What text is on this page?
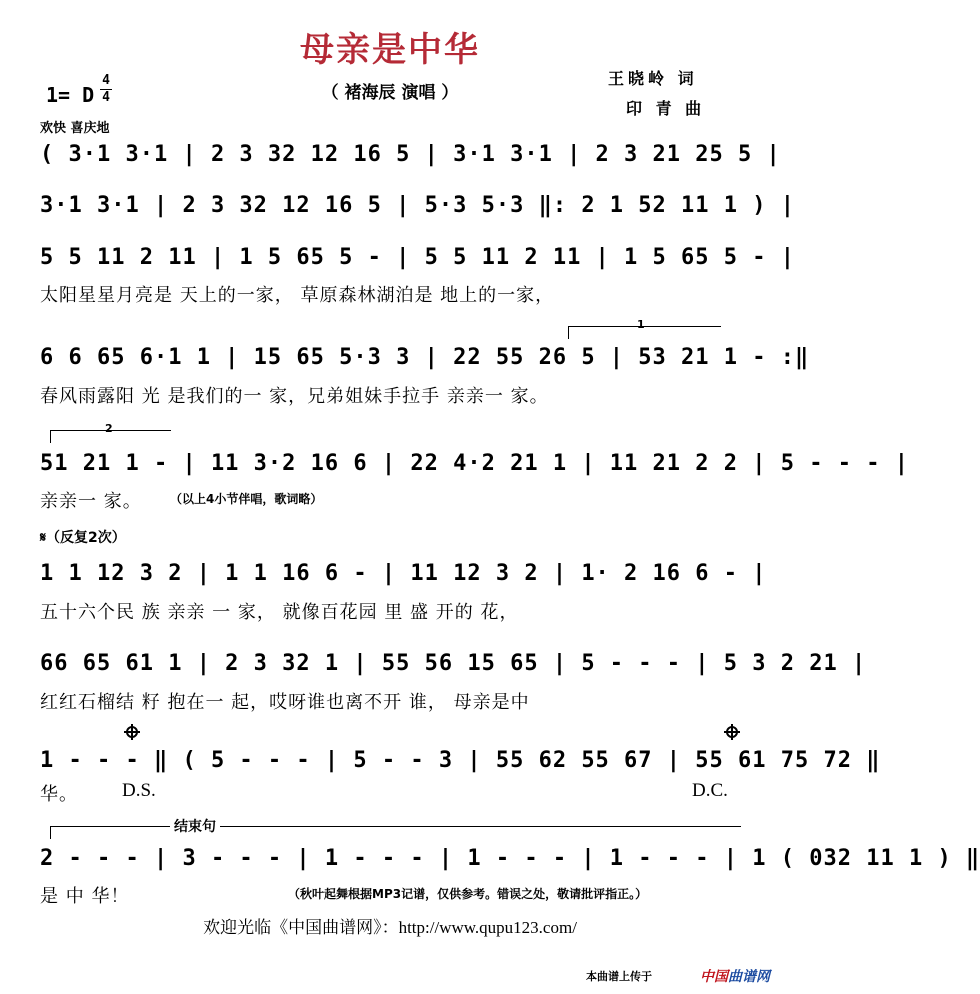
母亲是中华
（ 褚海辰 演唱 ）
王晓岭 词
印 青 曲
1= D
4
4
欢快 喜庆地
( 3·1 3·1 | 2 3 32 12 16 5 | 3·1 3·1 | 2 3 21 25 5 |
3·1 3·1 | 2 3 32 12 16 5 | 5·3 5·3 ‖: 2 1 52 11 1 ) |
5 5 11 2 11 | 1 5 65 5 - | 5 5 11 2 11 | 1 5 65 5 - |
太阳星星月亮是 天上的一家， 草原森林湖泊是 地上的一家，
1
6 6 65 6·1 1 | 15 65 5·3 3 | 22 55 26 5 | 53 21 1 - :‖
春风雨露阳 光 是我们的一 家，兄弟姐妹手拉手 亲亲一 家。
2
51 21 1 - | 11 3·2 16 6 | 22 4·2 21 1 | 11 21 2 2 | 5 - - - |
亲亲一 家。 （以上4小节伴唱，歌词略）
𝄋（反复2次）
1 1 12 3 2 | 1 1 16 6 - | 11 12 3 2 | 1· 2 16 6 - |
五十六个民 族 亲亲 一 家， 就像百花园 里 盛 开的 花，
66 65 61 1 | 2 3 32 1 | 55 56 15 65 | 5 - - - | 5 3 2 21 |
红红石榴结 籽 抱在一 起，哎呀谁也离不开 谁， 母亲是中
1 - - - ‖ ( 5 - - - | 5 - - 3 | 55 62 55 67 | 55 61 75 72 ‖
华。 D.S.	D.C.
结束句
2 - - - | 3 - - - | 1 - - - | 1 - - - | 1 - - - | 1 ( 032 11 1 ) ‖
是 中 华！	（秋叶起舞根据MP3记谱，仅供参考。错误之处，敬请批评指正。）
欢迎光临《中国曲谱网》：http://www.qupu123.com/
本曲谱上传于	中国曲谱网
